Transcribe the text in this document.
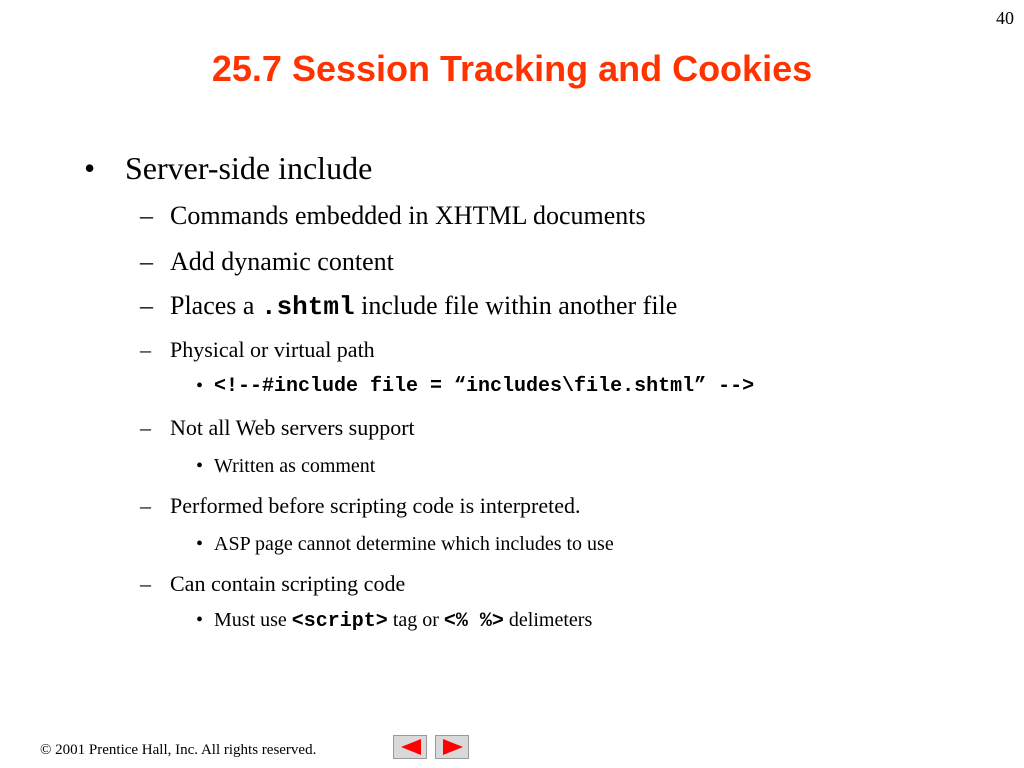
40
25.7 Session Tracking and Cookies
• Server-side include
– Commands embedded in XHTML documents
– Add dynamic content
– Places a .shtml include file within another file
– Physical or virtual path
• <!--#include file = “includes\file.shtml” -->
– Not all Web servers support
• Written as comment
– Performed before scripting code is interpreted.
• ASP page cannot determine which includes to use
– Can contain scripting code
• Must use <script> tag or <% %> delimeters
© 2001 Prentice Hall, Inc. All rights reserved.
